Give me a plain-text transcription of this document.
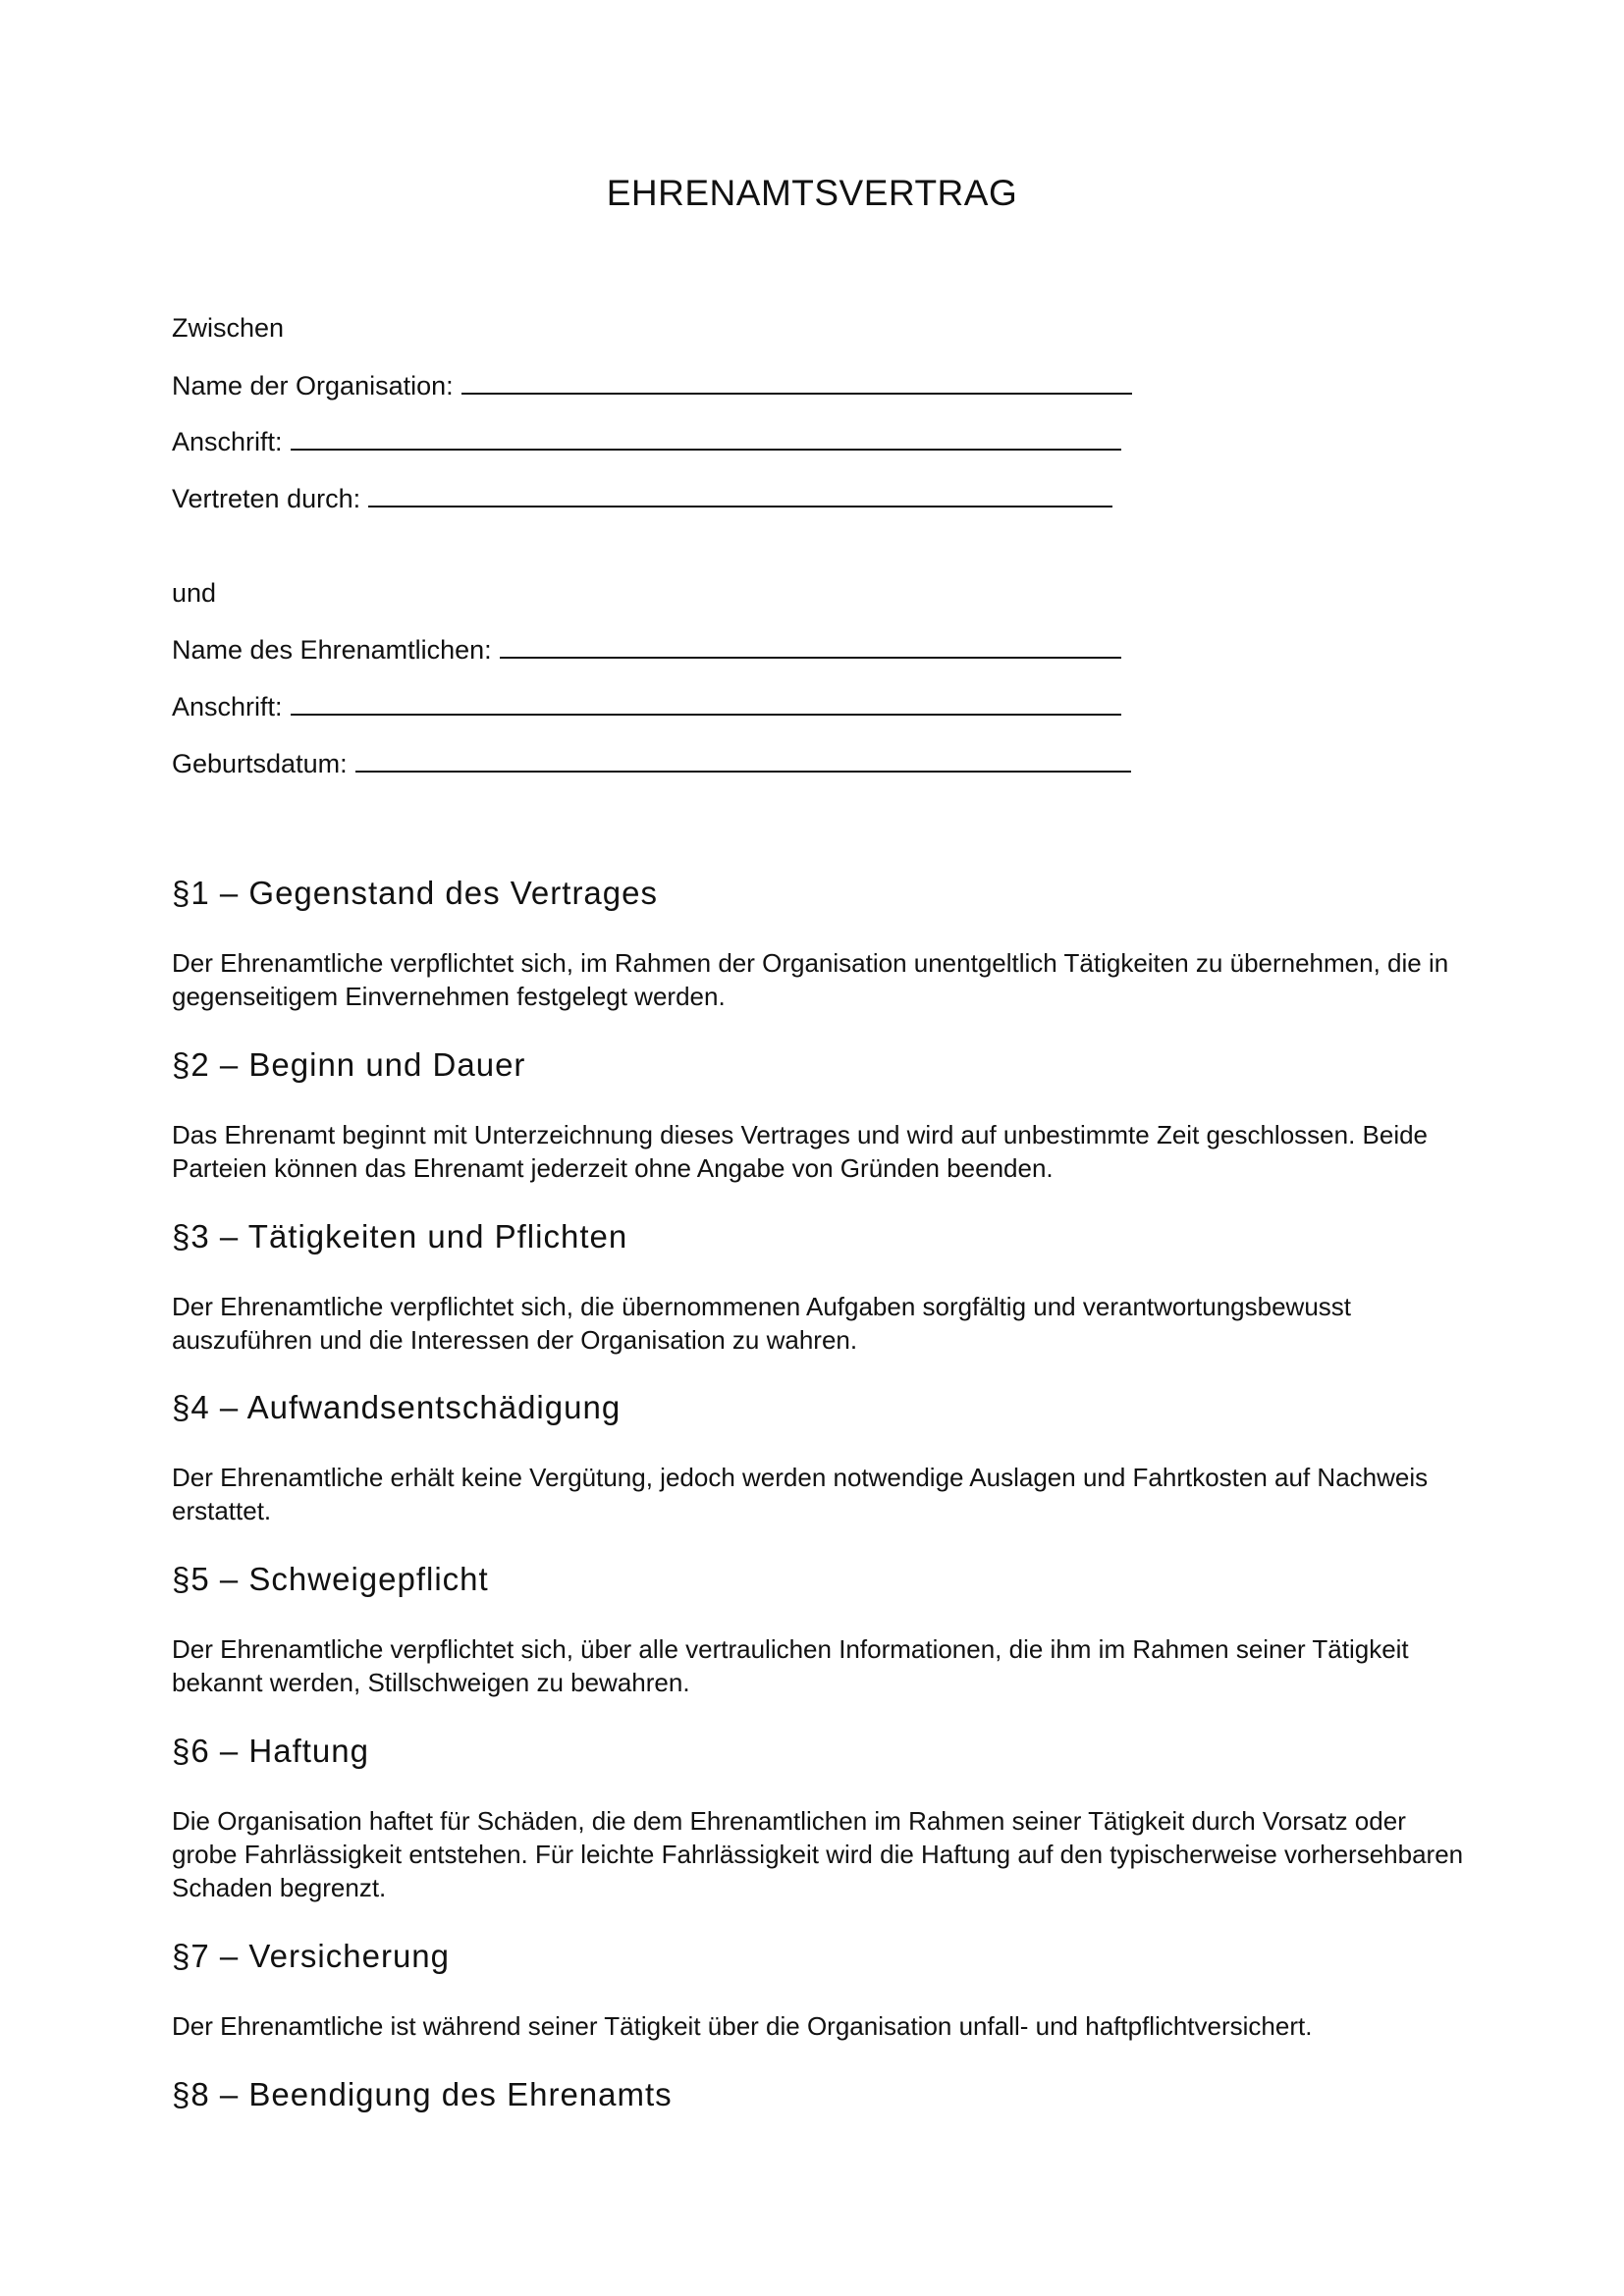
EHRENAMTSVERTRAG
Zwischen
Name der Organisation:
Anschrift:
Vertreten durch:
und
Name des Ehrenamtlichen:
Anschrift:
Geburtsdatum:
§1 – Gegenstand des Vertrages

Der Ehrenamtliche verpflichtet sich, im Rahmen der Organisation unentgeltlich Tätigkeiten zu übernehmen, die in gegenseitigem Einvernehmen festgelegt werden.

§2 – Beginn und Dauer

Das Ehrenamt beginnt mit Unterzeichnung dieses Vertrages und wird auf unbestimmte Zeit geschlossen. Beide Parteien können das Ehrenamt jederzeit ohne Angabe von Gründen beenden.

§3 – Tätigkeiten und Pflichten

Der Ehrenamtliche verpflichtet sich, die übernommenen Aufgaben sorgfältig und verantwortungsbewusst auszuführen und die Interessen der Organisation zu wahren.

§4 – Aufwandsentschädigung

Der Ehrenamtliche erhält keine Vergütung, jedoch werden notwendige Auslagen und Fahrtkosten auf Nachweis erstattet.

§5 – Schweigepflicht

Der Ehrenamtliche verpflichtet sich, über alle vertraulichen Informationen, die ihm im Rahmen seiner Tätigkeit bekannt werden, Stillschweigen zu bewahren.

§6 – Haftung

Die Organisation haftet für Schäden, die dem Ehrenamtlichen im Rahmen seiner Tätigkeit durch Vorsatz oder grobe Fahrlässigkeit entstehen. Für leichte Fahrlässigkeit wird die Haftung auf den typischerweise vorhersehbaren Schaden begrenzt.

§7 – Versicherung

Der Ehrenamtliche ist während seiner Tätigkeit über die Organisation unfall- und haftpflichtversichert.

§8 – Beendigung des Ehrenamts
